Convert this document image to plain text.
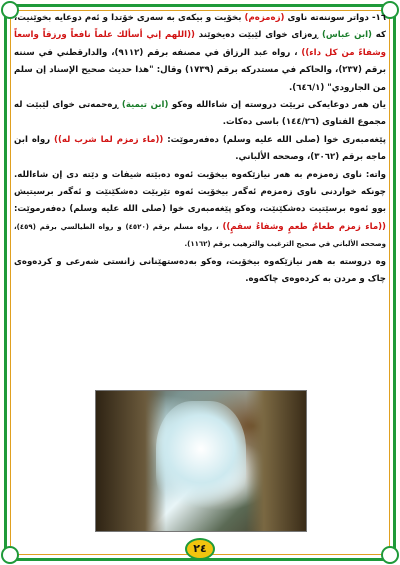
١٦- دواتر سوننەتە ناوی (زەمزەم) بخۆیت و بیکەی بە سەری خۆتدا و ئەم دوعایە بخوێنیت، کە (ابن عباس) ڕەزای خوای لێبێت دەیخوێند ((اللهم إني أسألك علماً نافعاً ورزقاً واسعاً وشفاءً من كل داء)) ، رواه عبد الرزاق في مصنفه برقم (٩١١٢)، والدارقطني في سننه برقم (٢٣٧)، والحاكم في مستدركه برقم (١٧٣٩) وقال: "هذا حديث صحيح الإسناد إن سلم من الجارودي" (٦٤٦/١).

یان هەر دوعایەکی تریێت دروستە إن شاءالله وەکو (ابن تیمیة) ڕەحمەتی خوای لێبێت له مجموع الفتاوی (١٤٤/٢٦) باسی دەکات.

پێغەمبەری خوا (صلى الله عليه وسلم) دەفەرموێت: ((ماء زمزم لما شرب له)) رواه ابن ماجه برقم (٣٠٦٢)، وصححه الألباني.

واتە: ناوی زەمزەم بە هەر نیازێکەوە بیخۆیت ئەوە دەبێتە شیفات و دێتە دی إن شاءالله. چونکە خواردنی ناوی زەمزەم ئەگەر بیخۆیت ئەوە تێریێت دەشکێنێت و ئەگەر برسیتیش بوو ئەوە برسێتیت دەشکێنێت، وەکو پێغەمبەری خوا (صلى الله عليه وسلم) دەفەرموێت: ((ماء زمزم طعامُ طعمٍ وشفاءُ سقمٍ)) ، رواه مسلم برقم (٤٥٢٠) و رواه الطيالسي برقم (٤٥٩)، وصححه الألباني في صحيح الترغيب والترهيب برقم (١١٦٢).

وە دروستە بە هەر نیازێکەوە بیخۆیت، وەکو بەدەستهێنانی زانستی شەرعی و کردەوەی چاک و مردن بە کردەوەی چاکەوە.

٢٤
